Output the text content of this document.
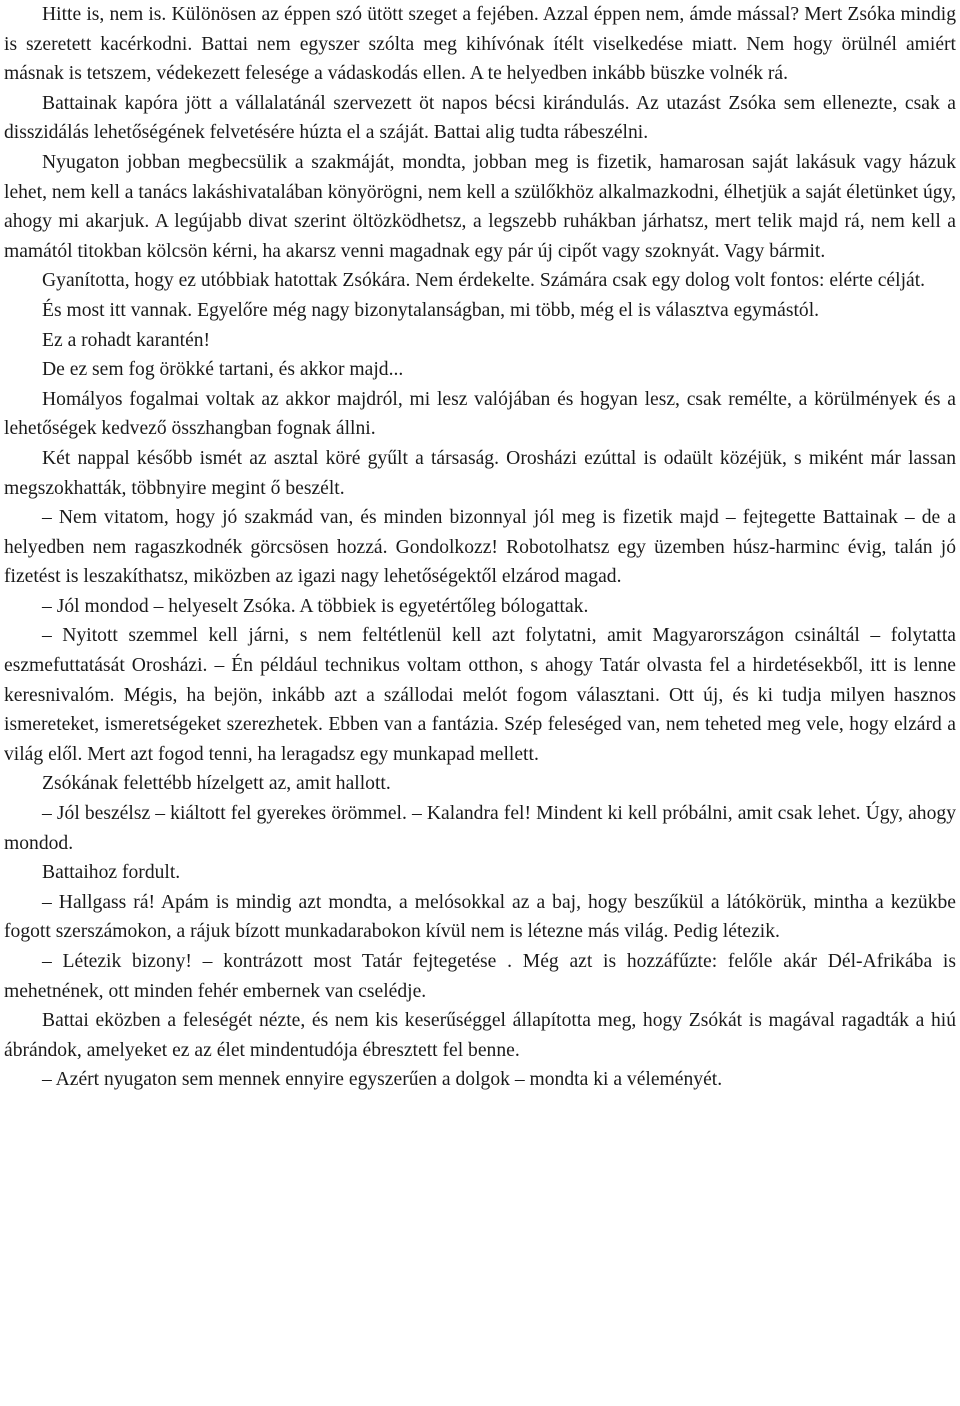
Hitte is, nem is. Különösen az éppen szó ütött szeget a fejében. Azzal éppen nem, ámde mással? Mert Zsóka mindig is szeretett kacérkodni. Battai nem egyszer szólta meg kihívónak ítélt viselkedése miatt. Nem hogy örülnél amiért másnak is tetszem, védekezett felesége a vádaskodás ellen. A te helyedben inkább büszke volnék rá.

Battainak kapóra jött a vállalatánál szervezett öt napos bécsi kirándulás. Az utazást Zsóka sem ellenezte, csak a disszidálás lehetőségének felvetésére húzta el a száját. Battai alig tudta rábeszélni.

Nyugaton jobban megbecsülik a szakmáját, mondta, jobban meg is fizetik, hamarosan saját lakásuk vagy házuk lehet, nem kell a tanács lakáshivatalában könyörögni, nem kell a szülőkhöz alkalmazkodni, élhetjük a saját életünket úgy, ahogy mi akarjuk. A legújabb divat szerint öltözködhetsz, a legszebb ruhákban járhatsz, mert telik majd rá, nem kell a mamától titokban kölcsön kérni, ha akarsz venni magadnak egy pár új cipőt vagy szoknyát. Vagy bármit.

Gyanította, hogy ez utóbbiak hatottak Zsókára. Nem érdekelte. Számára csak egy dolog volt fontos: elérte célját.

És most itt vannak. Egyelőre még nagy bizonytalanságban, mi több, még el is választva egymástól.

Ez a rohadt karantén!

De ez sem fog örökké tartani, és akkor majd...

Homályos fogalmai voltak az akkor majdról, mi lesz valójában és hogyan lesz, csak remélte, a körülmények és a lehetőségek kedvező összhangban fognak állni.

Két nappal később ismét az asztal köré gyűlt a társaság. Orosházi ezúttal is odaült közéjük, s miként már lassan megszokhatták, többnyire megint ő beszélt.

– Nem vitatom, hogy jó szakmád van, és minden bizonnyal jól meg is fizetik majd – fejtegette Battainak – de a helyedben nem ragaszkodnék görcsösen hozzá. Gondolkozz! Robotolhatsz egy üzemben húsz-harminc évig, talán jó fizetést is leszakíthatsz, miközben az igazi nagy lehetőségektől elzárod magad.

– Jól mondod – helyeselt Zsóka. A többiek is egyetértőleg bólogattak.

– Nyitott szemmel kell járni, s nem feltétlenül kell azt folytatni, amit Magyarországon csináltál – folytatta eszmefuttatását Orosházi. – Én például technikus voltam otthon, s ahogy Tatár olvasta fel a hirdetésekből, itt is lenne keresnivalóm. Mégis, ha bejön, inkább azt a szállodai melót fogom választani. Ott új, és ki tudja milyen hasznos ismereteket, ismeretségeket szerezhetek. Ebben van a fantázia. Szép feleséged van, nem teheted meg vele, hogy elzárd a világ elől. Mert azt fogod tenni, ha leragadsz egy munkapad mellett.

Zsókának felettébb hízelgett az, amit hallott.

– Jól beszélsz – kiáltott fel gyerekes örömmel. – Kalandra fel! Mindent ki kell próbálni, amit csak lehet. Úgy, ahogy mondod.

Battaihoz fordult.

– Hallgass rá! Apám is mindig azt mondta, a melósokkal az a baj, hogy beszűkül a látókörük, mintha a kezükbe fogott szerszámokon, a rájuk bízott munkadarabokon kívül nem is létezne más világ. Pedig létezik.

– Létezik bizony! – kontrázott most Tatár fejtegetése . Még azt is hozzáfűzte: felőle akár Dél-Afrikába is mehetnének, ott minden fehér embernek van cselédje.

Battai eközben a feleségét nézte, és nem kis keserűséggel állapította meg, hogy Zsókát is magával ragadták a hiú ábrándok, amelyeket ez az élet mindentudója ébresztett fel benne.

– Azért nyugaton sem mennek ennyire egyszerűen a dolgok – mondta ki a véleményét.
